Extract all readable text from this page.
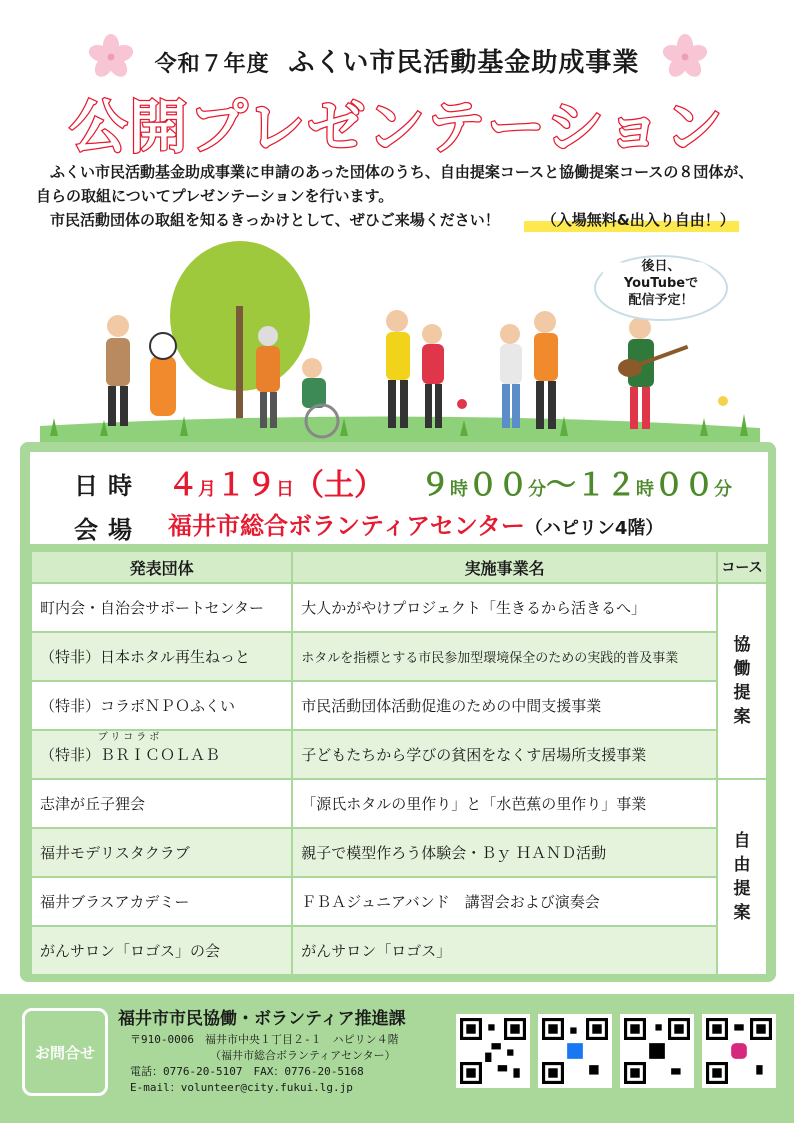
令和７年度 ふくい市民活動基金助成事業
公開プレゼンテーション

ふくい市民活動基金助成事業に申請のあった団体のうち、自由提案コースと協働提案コースの８団体が、自らの取組についてプレゼンテーションを行います。

市民活動団体の取組を知るきっかけとして、ぜひご来場ください！	（入場無料&出入り自由！）

後日、
YouTubeで
配信予定！
日時 ４月１９日（土） ９時００分～１２時００分
会場 福井市総合ボランティアセンター（ハピリン4階）
発表団体	実施事業名	コース
町内会・自治会サポートセンター	大人かがやけプロジェクト「生きるから活きるへ」	協働提案

（特非）日本ホタル再生ねっと	ホタルを指標とする市民参加型環境保全のための実践的普及事業	
（特非）コラボＮＰＯふくい	市民活動団体活動促進のための中間支援事業	

ブリコラボ
（特非）ＢＲＩＣＯＬＡＢ	子どもたちから学びの貧困をなくす居場所支援事業	
志津が丘子狸会	「源氏ホタルの里作り」と「水芭蕉の里作り」事業	自由提案

福井モデリスタクラブ	親子で模型作ろう体験会・Ｂｙ ＨＡＮＤ活動	
福井ブラスアカデミー	ＦＢＡジュニアバンド　講習会および演奏会	
がんサロン「ロゴス」の会	がんサロン「ロゴス」	
お問合せ
福井市市民協働・ボランティア推進課
〒910-0006　福井市中央１丁目２-１　ハピリン４階
（福井市総合ボランティアセンター）
電話：0776-20-5107　FAX：0776-20-5168
E-mail：volunteer@city.fukui.lg.jp
